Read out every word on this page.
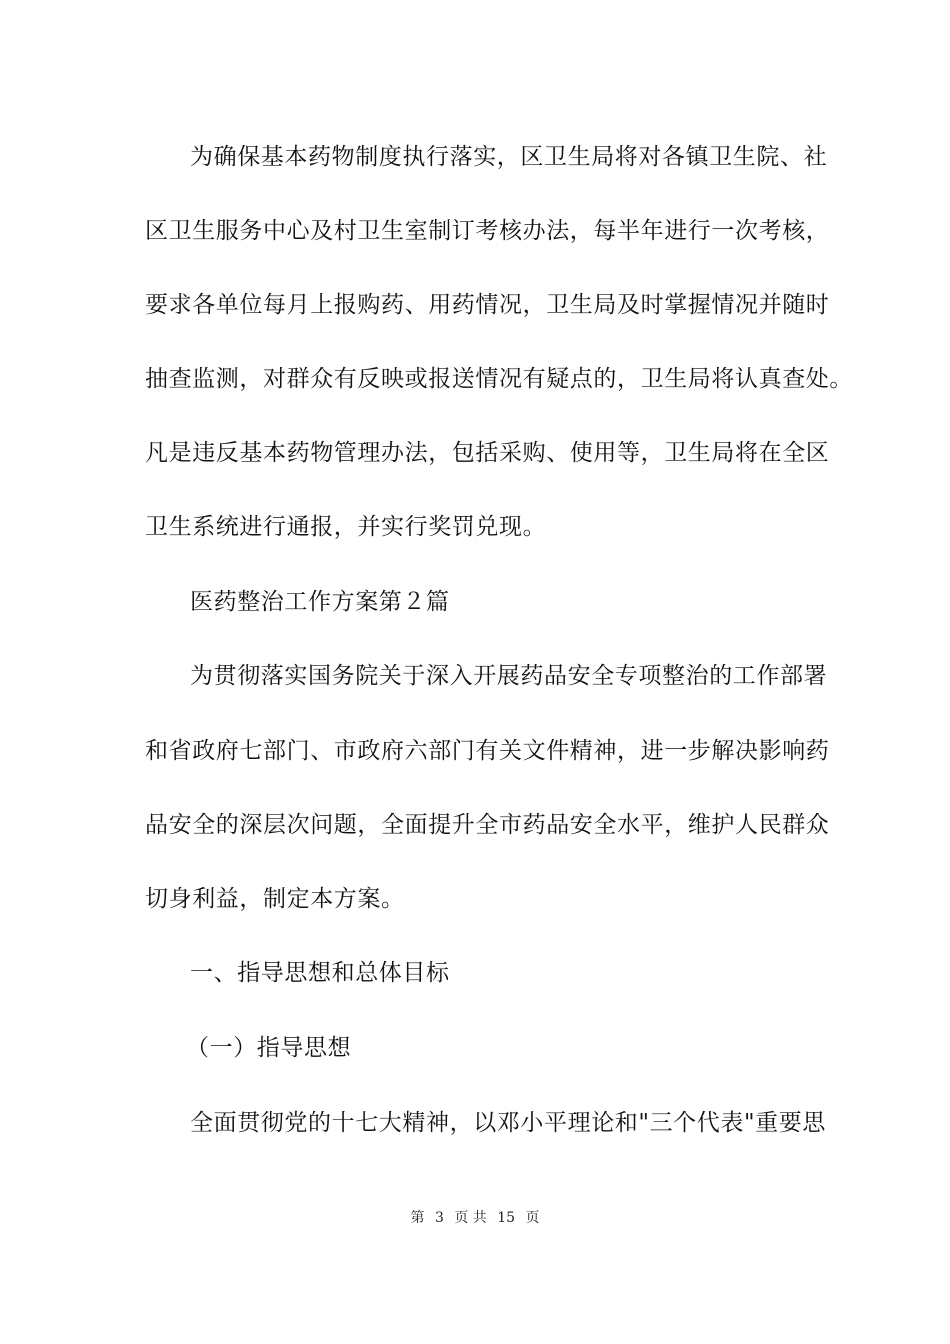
为确保基本药物制度执行落实，区卫生局将对各镇卫生院、社
区卫生服务中心及村卫生室制订考核办法，每半年进行一次考核，
要求各单位每月上报购药、用药情况，卫生局及时掌握情况并随时
抽查监测，对群众有反映或报送情况有疑点的，卫生局将认真查处。
凡是违反基本药物管理办法，包括采购、使用等，卫生局将在全区
卫生系统进行通报，并实行奖罚兑现。
医药整治工作方案第２篇
为贯彻落实国务院关于深入开展药品安全专项整治的工作部署
和省政府七部门、市政府六部门有关文件精神，进一步解决影响药
品安全的深层次问题，全面提升全市药品安全水平，维护人民群众
切身利益，制定本方案。
一、指导思想和总体目标
（一）指导思想
全面贯彻党的十七大精神，以邓小平理论和"三个代表"重要思
第 3 页 共 15 页
